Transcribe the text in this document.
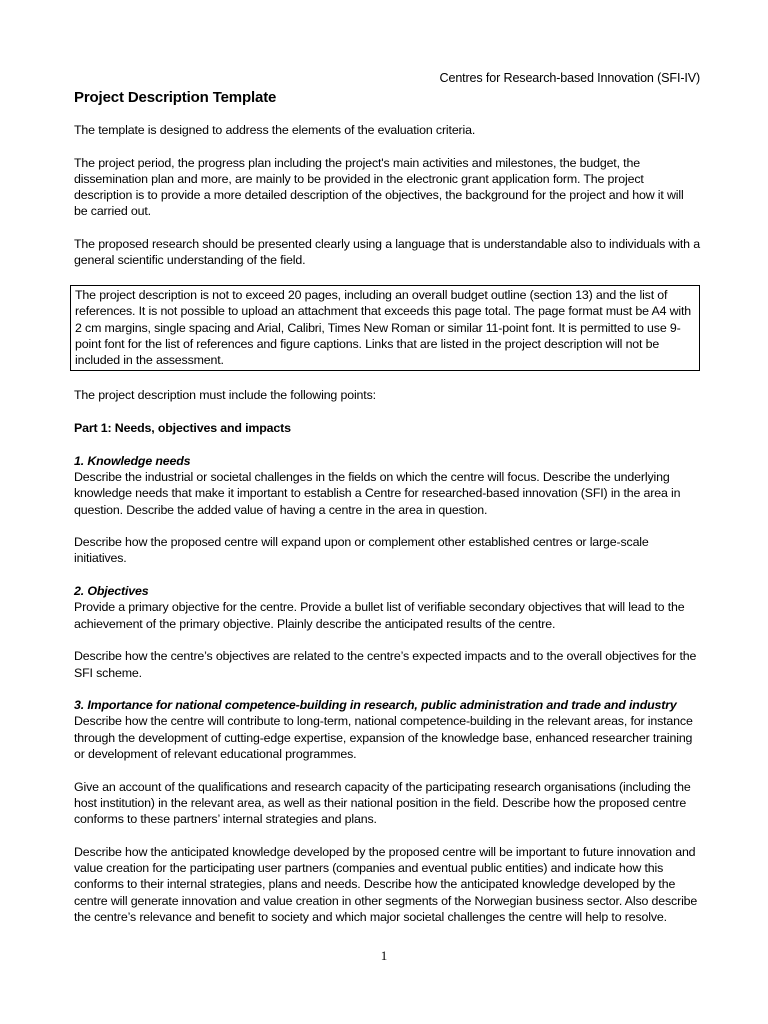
Centres for Research-based Innovation (SFI-IV)
Project Description Template

The template is designed to address the elements of the evaluation criteria.

The project period, the progress plan including the project's main activities and milestones, the budget, the dissemination plan and more, are mainly to be provided in the electronic grant application form. The project description is to provide a more detailed description of the objectives, the background for the project and how it will be carried out.

The proposed research should be presented clearly using a language that is understandable also to individuals with a general scientific understanding of the field.

The project description is not to exceed 20 pages, including an overall budget outline (section 13) and the list of references. It is not possible to upload an attachment that exceeds this page total. The page format must be A4 with 2 cm margins, single spacing and Arial, Calibri, Times New Roman or similar 11-point font. It is permitted to use 9-point font for the list of references and figure captions. Links that are listed in the project description will not be included in the assessment.

The project description must include the following points:

Part 1: Needs, objectives and impacts
1. Knowledge needs
Describe the industrial or societal challenges in the fields on which the centre will focus. Describe the underlying knowledge needs that make it important to establish a Centre for researched-based innovation (SFI) in the area in question. Describe the added value of having a centre in the area in question.

Describe how the proposed centre will expand upon or complement other established centres or large-scale initiatives.

2. Objectives
Provide a primary objective for the centre. Provide a bullet list of verifiable secondary objectives that will lead to the achievement of the primary objective. Plainly describe the anticipated results of the centre.

Describe how the centre’s objectives are related to the centre’s expected impacts and to the overall objectives for the SFI scheme.

3. Importance for national competence-building in research, public administration and trade and industry
Describe how the centre will contribute to long-term, national competence-building in the relevant areas, for instance through the development of cutting-edge expertise, expansion of the knowledge base, enhanced researcher training or development of relevant educational programmes.

Give an account of the qualifications and research capacity of the participating research organisations (including the host institution) in the relevant area, as well as their national position in the field. Describe how the proposed centre conforms to these partners’ internal strategies and plans.

Describe how the anticipated knowledge developed by the proposed centre will be important to future innovation and value creation for the participating user partners (companies and eventual public entities) and indicate how this conforms to their internal strategies, plans and needs. Describe how the anticipated knowledge developed by the centre will generate innovation and value creation in other segments of the Norwegian business sector. Also describe the centre’s relevance and benefit to society and which major societal challenges the centre will help to resolve.

1
